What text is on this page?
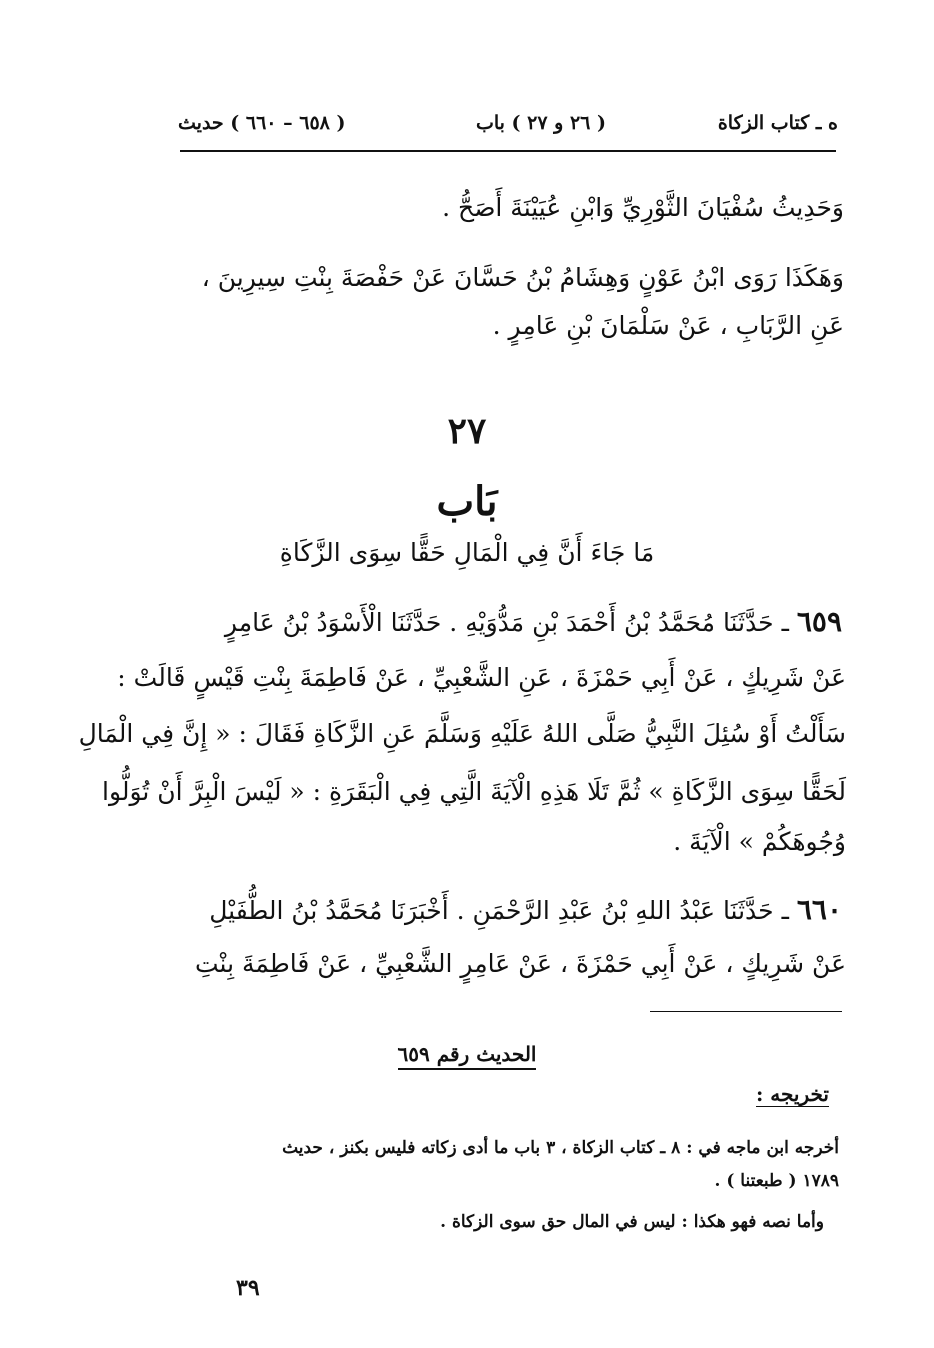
ه ـ كتاب الزكاة
( ٢٦ و ٢٧ ) باب
( ٦٥٨ – ٦٦٠ ) حديث
وَحَدِيثُ سُفْيَانَ الثَّوْرِيِّ وَابْنِ عُيَيْنَةَ أَصَحُّ .
وَهَكَذَا رَوَى ابْنُ عَوْنٍ وَهِشَامُ بْنُ حَسَّانَ عَنْ حَفْصَةَ بِنْتِ سِيرِينَ ،
عَنِ الرَّبَابِ ، عَنْ سَلْمَانَ بْنِ عَامِرٍ .
٢٧
بَاب
مَا جَاءَ أَنَّ فِي الْمَالِ حَقًّا سِوَى الزَّكَاةِ
٦٥٩ ـ حَدَّثَنَا مُحَمَّدُ بْنُ أَحْمَدَ بْنِ مَدُّوَيْهِ . حَدَّثَنَا الْأَسْوَدُ بْنُ عَامِرٍ
عَنْ شَرِيكٍ ، عَنْ أَبِي حَمْزَةَ ، عَنِ الشَّعْبِيِّ ، عَنْ فَاطِمَةَ بِنْتِ قَيْسٍ قَالَتْ :
سَأَلْتُ أَوْ سُئِلَ النَّبِيُّ صَلَّى اللهُ عَلَيْهِ وَسَلَّمَ عَنِ الزَّكَاةِ فَقَالَ : « إِنَّ فِي الْمَالِ
لَحَقًّا سِوَى الزَّكَاةِ » ثُمَّ تَلَا هَذِهِ الْآيَةَ الَّتِي فِي الْبَقَرَةِ : « لَيْسَ الْبِرَّ أَنْ تُوَلُّوا
وُجُوهَكُمْ » الْآيَةَ .
٦٦٠ ـ حَدَّثَنَا عَبْدُ اللهِ بْنُ عَبْدِ الرَّحْمَنِ . أَخْبَرَنَا مُحَمَّدُ بْنُ الطُّفَيْلِ
عَنْ شَرِيكٍ ، عَنْ أَبِي حَمْزَةَ ، عَنْ عَامِرٍ الشَّعْبِيِّ ، عَنْ فَاطِمَةَ بِنْتِ
الحديث رقم ٦٥٩
تخريجه :
أخرجه ابن ماجه في : ٨ ـ كتاب الزكاة ، ٣ باب ما أدى زكاته فليس بكنز ، حديث
١٧٨٩ ( طبعتنا ) .
وأما نصه فهو هكذا : ليس في المال حق سوى الزكاة .
٣٩
